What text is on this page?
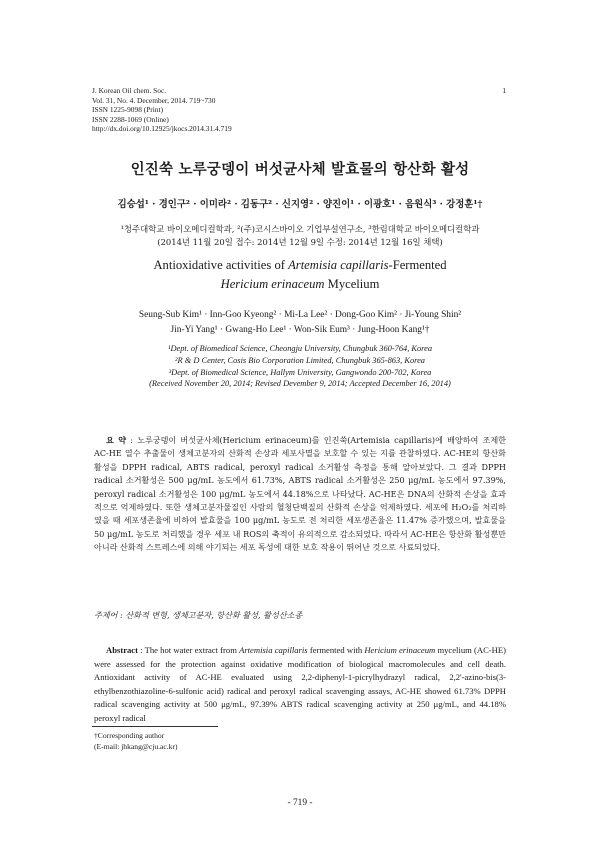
J. Korean Oil chem. Soc.
Vol. 31, No. 4. December, 2014. 719~730
ISSN 1225-9098 (Print)
ISSN 2288-1069 (Online)
http://dx.doi.org/10.12925/jkocs.2014.31.4.719
1
인진쑥 노루궁뎅이 버섯균사체 발효물의 항산화 활성
김승섭¹ · 경인구² · 이미라² · 김동구² · 신지영² · 양진이¹ · 이광호¹ · 음원식³ · 강정훈¹†
¹청주대학교 바이오메디컬학과, ²(주)코시스바이오 기업부설연구소, ³한림대학교 바이오메디컬학과
(2014년 11월 20일 접수: 2014년 12월 9일 수정: 2014년 12월 16일 채택)
Antioxidative activities of Artemisia capillaris-Fermented
Hericium erinaceum Mycelium
Seung-Sub Kim¹ · Inn-Goo Kyeong² · Mi-La Lee² · Dong-Goo Kim² · Ji-Young Shin²
Jin-Yi Yang¹ · Gwang-Ho Lee¹ · Won-Sik Eum³ · Jung-Hoon Kang¹†
¹Dept. of Biomedical Science, Cheongju University, Chungbuk 360-764, Korea
²R & D Center, Cosis Bio Corporation Limited, Chungbuk 365-863, Korea
³Dept. of Biomedical Science, Hallym University, Gangwondo 200-702, Korea
(Received November 20, 2014; Revised Devember 9, 2014; Accepted December 16, 2014)
요 약 : 노루궁뎅이 버섯균사체(Hericium erinaceum)를 인진쑥(Artemisia capillaris)에 배양하여 조제한 AC-HE 열수 추출물이 생체고분자의 산화적 손상과 세포사멸을 보호할 수 있는 지를 관찰하였다. AC-HE의 항산화 활성을 DPPH radical, ABTS radical, peroxyl radical 소거활성 측정을 통해 알아보았다. 그 결과 DPPH radical 소거활성은 500 μg/mL 농도에서 61.73%, ABTS radical 소거활성은 250 μg/mL 농도에서 97.39%, peroxyl radical 소거활성은 100 μg/mL 농도에서 44.18%으로 나타났다. AC-HE은 DNA의 산화적 손상을 효과적으로 억제하였다. 또한 생체고분자물질인 사람의 혈청단백질의 산화적 손상을 억제하였다. 세포에 H₂O₂를 처리하였을 때 세포생존율에 비하여 발효물을 100 μg/mL 농도로 전 처리한 세포생존율은 11.47% 증가했으며, 발효물을 50 μg/mL 농도로 처리했을 경우 세포 내 ROS의 축적이 유의적으로 감소되었다. 따라서 AC-HE은 항산화 활성뿐만 아니라 산화적 스트레스에 의해 야기되는 세포 독성에 대한 보호 작용이 뛰어난 것으로 사료되었다.
주제어 : 산화적 변형, 생체고분자, 항산화 활성, 활성산소종
Abstract : The hot water extract from Artemisia capillaris fermented with Hericium erinaceum mycelium (AC-HE) were assessed for the protection against oxidative modification of biological macromolecules and cell death. Antioxidant activity of AC-HE evaluated using 2,2-diphenyl-1-picrylhydrazyl radical, 2,2'-azino-bis(3-ethylbenzothiazoline-6-sulfonic acid) radical and peroxyl radical scavenging assays, AC-HE showed 61.73% DPPH radical scavenging activity at 500 μg/mL, 97.39% ABTS radical scavenging activity at 250 μg/mL, and 44.18% peroxyl radical
†Corresponding author
(E-mail: jhkang@cju.ac.kr)
- 719 -
